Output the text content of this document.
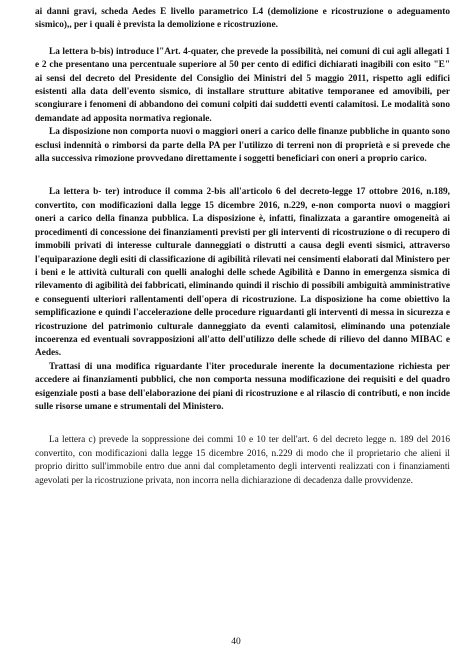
ai danni gravi, scheda Aedes E livello parametrico L4 (demolizione e ricostruzione o adeguamento sismico),, per i quali è prevista la demolizione e ricostruzione.

La lettera b-bis) introduce l"Art. 4-quater, che prevede la possibilità, nei comuni di cui agli allegati 1 e 2 che presentano una percentuale superiore al 50 per cento di edifici dichiarati inagibili con esito "E" ai sensi del decreto del Presidente del Consiglio dei Ministri del 5 maggio 2011, rispetto agli edifici esistenti alla data dell'evento sismico, di installare strutture abitative temporanee ed amovibili, per scongiurare i fenomeni di abbandono dei comuni colpiti dai suddetti eventi calamitosi. Le modalità sono demandate ad apposita normativa regionale.

La disposizione non comporta nuovi o maggiori oneri a carico delle finanze pubbliche in quanto sono esclusi indennità o rimborsi da parte della PA per l'utilizzo di terreni non di proprietà e si prevede che alla successiva rimozione provvedano direttamente i soggetti beneficiari con oneri a proprio carico.

La lettera b- ter) introduce il comma 2-bis all'articolo 6 del decreto-legge 17 ottobre 2016, n.189, convertito, con modificazioni dalla legge 15 dicembre 2016, n.229, e-non comporta nuovi o maggiori oneri a carico della finanza pubblica. La disposizione è, infatti, finalizzata a garantire omogeneità ai procedimenti di concessione dei finanziamenti previsti per gli interventi di ricostruzione o di recupero di immobili privati di interesse culturale danneggiati o distrutti a causa degli eventi sismici, attraverso l'equiparazione degli esiti di classificazione di agibilità rilevati nei censimenti elaborati dal Ministero per i beni e le attività culturali con quelli analoghi delle schede Agibilità e Danno in emergenza sismica di rilevamento di agibilità dei fabbricati, eliminando quindi il rischio di possibili ambiguità amministrative e conseguenti ulteriori rallentamenti dell'opera di ricostruzione. La disposizione ha come obiettivo la semplificazione e quindi l'accelerazione delle procedure riguardanti gli interventi di messa in sicurezza e ricostruzione del patrimonio culturale danneggiato da eventi calamitosi, eliminando una potenziale incoerenza ed eventuali sovrapposizioni all'atto dell'utilizzo delle schede di rilievo del danno MIBAC e Aedes.

Trattasi di una modifica riguardante l'iter procedurale inerente la documentazione richiesta per accedere ai finanziamenti pubblici, che non comporta nessuna modificazione dei requisiti e del quadro esigenziale posti a base dell'elaborazione dei piani di ricostruzione e al rilascio di contributi, e non incide sulle risorse umane e strumentali del Ministero.

La lettera c) prevede la soppressione dei commi 10 e 10 ter dell'art. 6 del decreto legge n. 189 del 2016 convertito, con modificazioni dalla legge 15 dicembre 2016, n.229 di modo che il proprietario che alieni il proprio diritto sull'immobile entro due anni dal completamento degli interventi realizzati con i finanziamenti agevolati per la ricostruzione privata, non incorra nella dichiarazione di decadenza dalle provvidenze.

40
